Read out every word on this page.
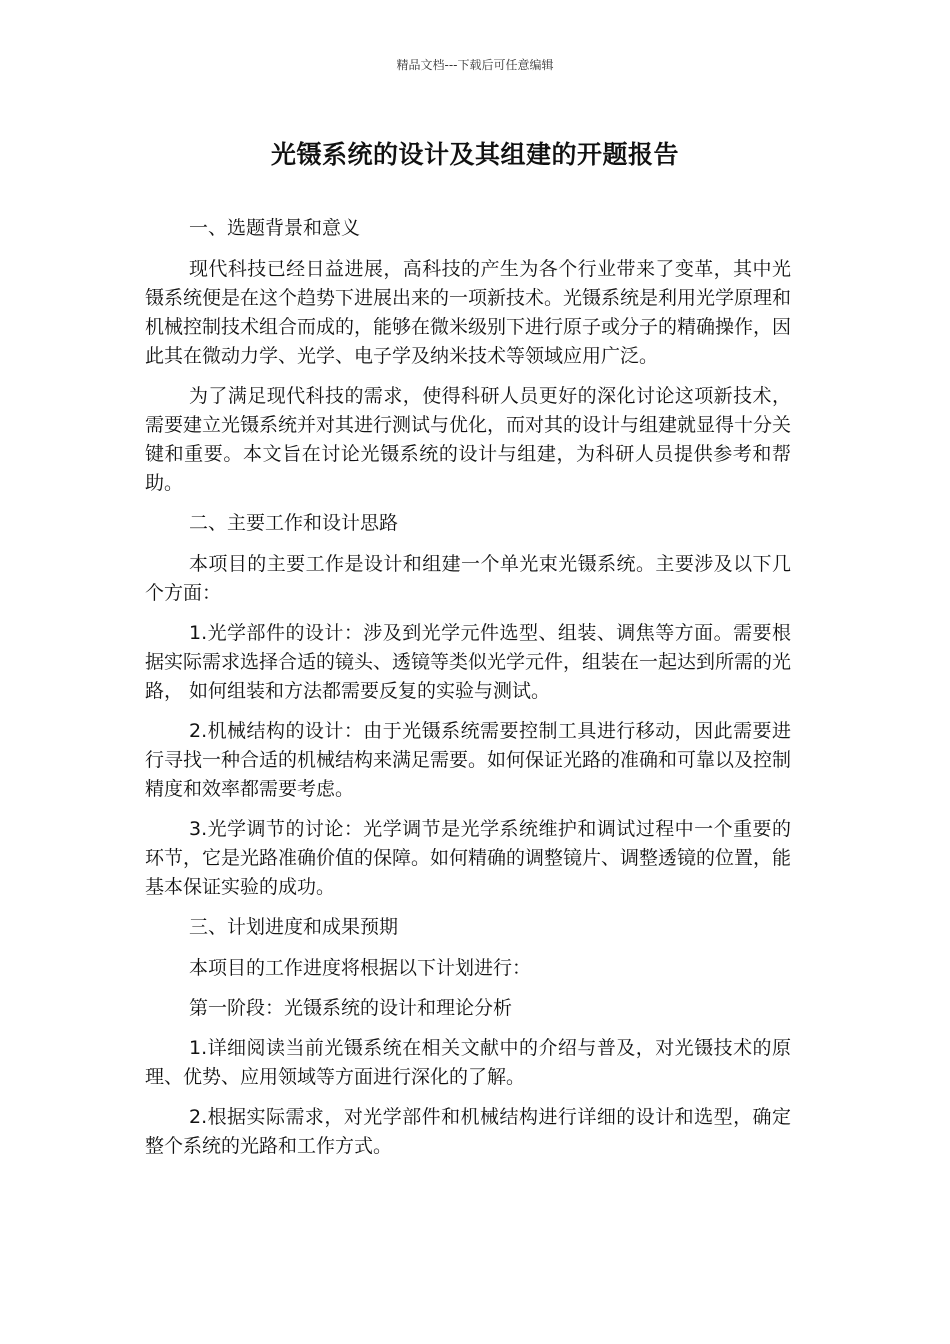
精品文档---下载后可任意编辑
光镊系统的设计及其组建的开题报告

一、选题背景和意义

现代科技已经日益进展，高科技的产生为各个行业带来了变革，其中光镊系统便是在这个趋势下进展出来的一项新技术。光镊系统是利用光学原理和机械控制技术组合而成的，能够在微米级别下进行原子或分子的精确操作，因此其在微动力学、光学、电子学及纳米技术等领域应用广泛。

为了满足现代科技的需求，使得科研人员更好的深化讨论这项新技术，需要建立光镊系统并对其进行测试与优化，而对其的设计与组建就显得十分关键和重要。本文旨在讨论光镊系统的设计与组建，为科研人员提供参考和帮助。

二、主要工作和设计思路

本项目的主要工作是设计和组建一个单光束光镊系统。主要涉及以下几个方面：

1.光学部件的设计：涉及到光学元件选型、组装、调焦等方面。需要根据实际需求选择合适的镜头、透镜等类似光学元件，组装在一起达到所需的光路， 如何组装和方法都需要反复的实验与测试。

2.机械结构的设计：由于光镊系统需要控制工具进行移动，因此需要进行寻找一种合适的机械结构来满足需要。如何保证光路的准确和可靠以及控制精度和效率都需要考虑。

3.光学调节的讨论：光学调节是光学系统维护和调试过程中一个重要的环节，它是光路准确价值的保障。如何精确的调整镜片、调整透镜的位置，能基本保证实验的成功。

三、计划进度和成果预期

本项目的工作进度将根据以下计划进行：

第一阶段：光镊系统的设计和理论分析

1.详细阅读当前光镊系统在相关文献中的介绍与普及，对光镊技术的原理、优势、应用领域等方面进行深化的了解。

2.根据实际需求，对光学部件和机械结构进行详细的设计和选型，确定整个系统的光路和工作方式。
